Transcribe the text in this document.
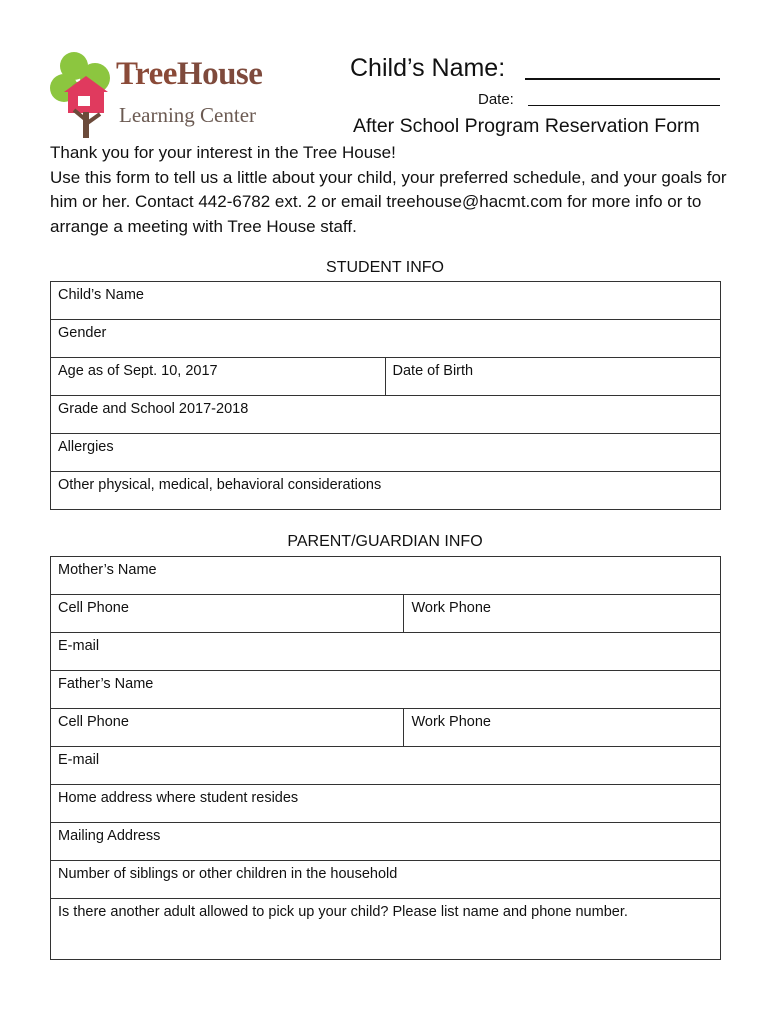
TreeHouse
Learning Center
Child’s Name:
Date:
After School Program Reservation Form

Thank you for your interest in the Tree House!

Use this form to tell us a little about your child, your preferred schedule, and your goals for him or her. Contact 442-6782 ext. 2 or email treehouse@hacmt.com for more info or to arrange a meeting with Tree House staff.

STUDENT INFO
Child’s Name
Gender
Age as of Sept. 10, 2017	Date of Birth
Grade and School 2017-2018
Allergies
Other physical, medical, behavioral considerations
PARENT/GUARDIAN INFO
Mother’s Name	
Cell Phone	Work Phone
E-mail	
Father’s Name	
Cell Phone	Work Phone
E-mail	
Home address where student resides	
Mailing Address	
Number of siblings or other children in the household	
Is there another adult allowed to pick up your child? Please list name and phone number.	
